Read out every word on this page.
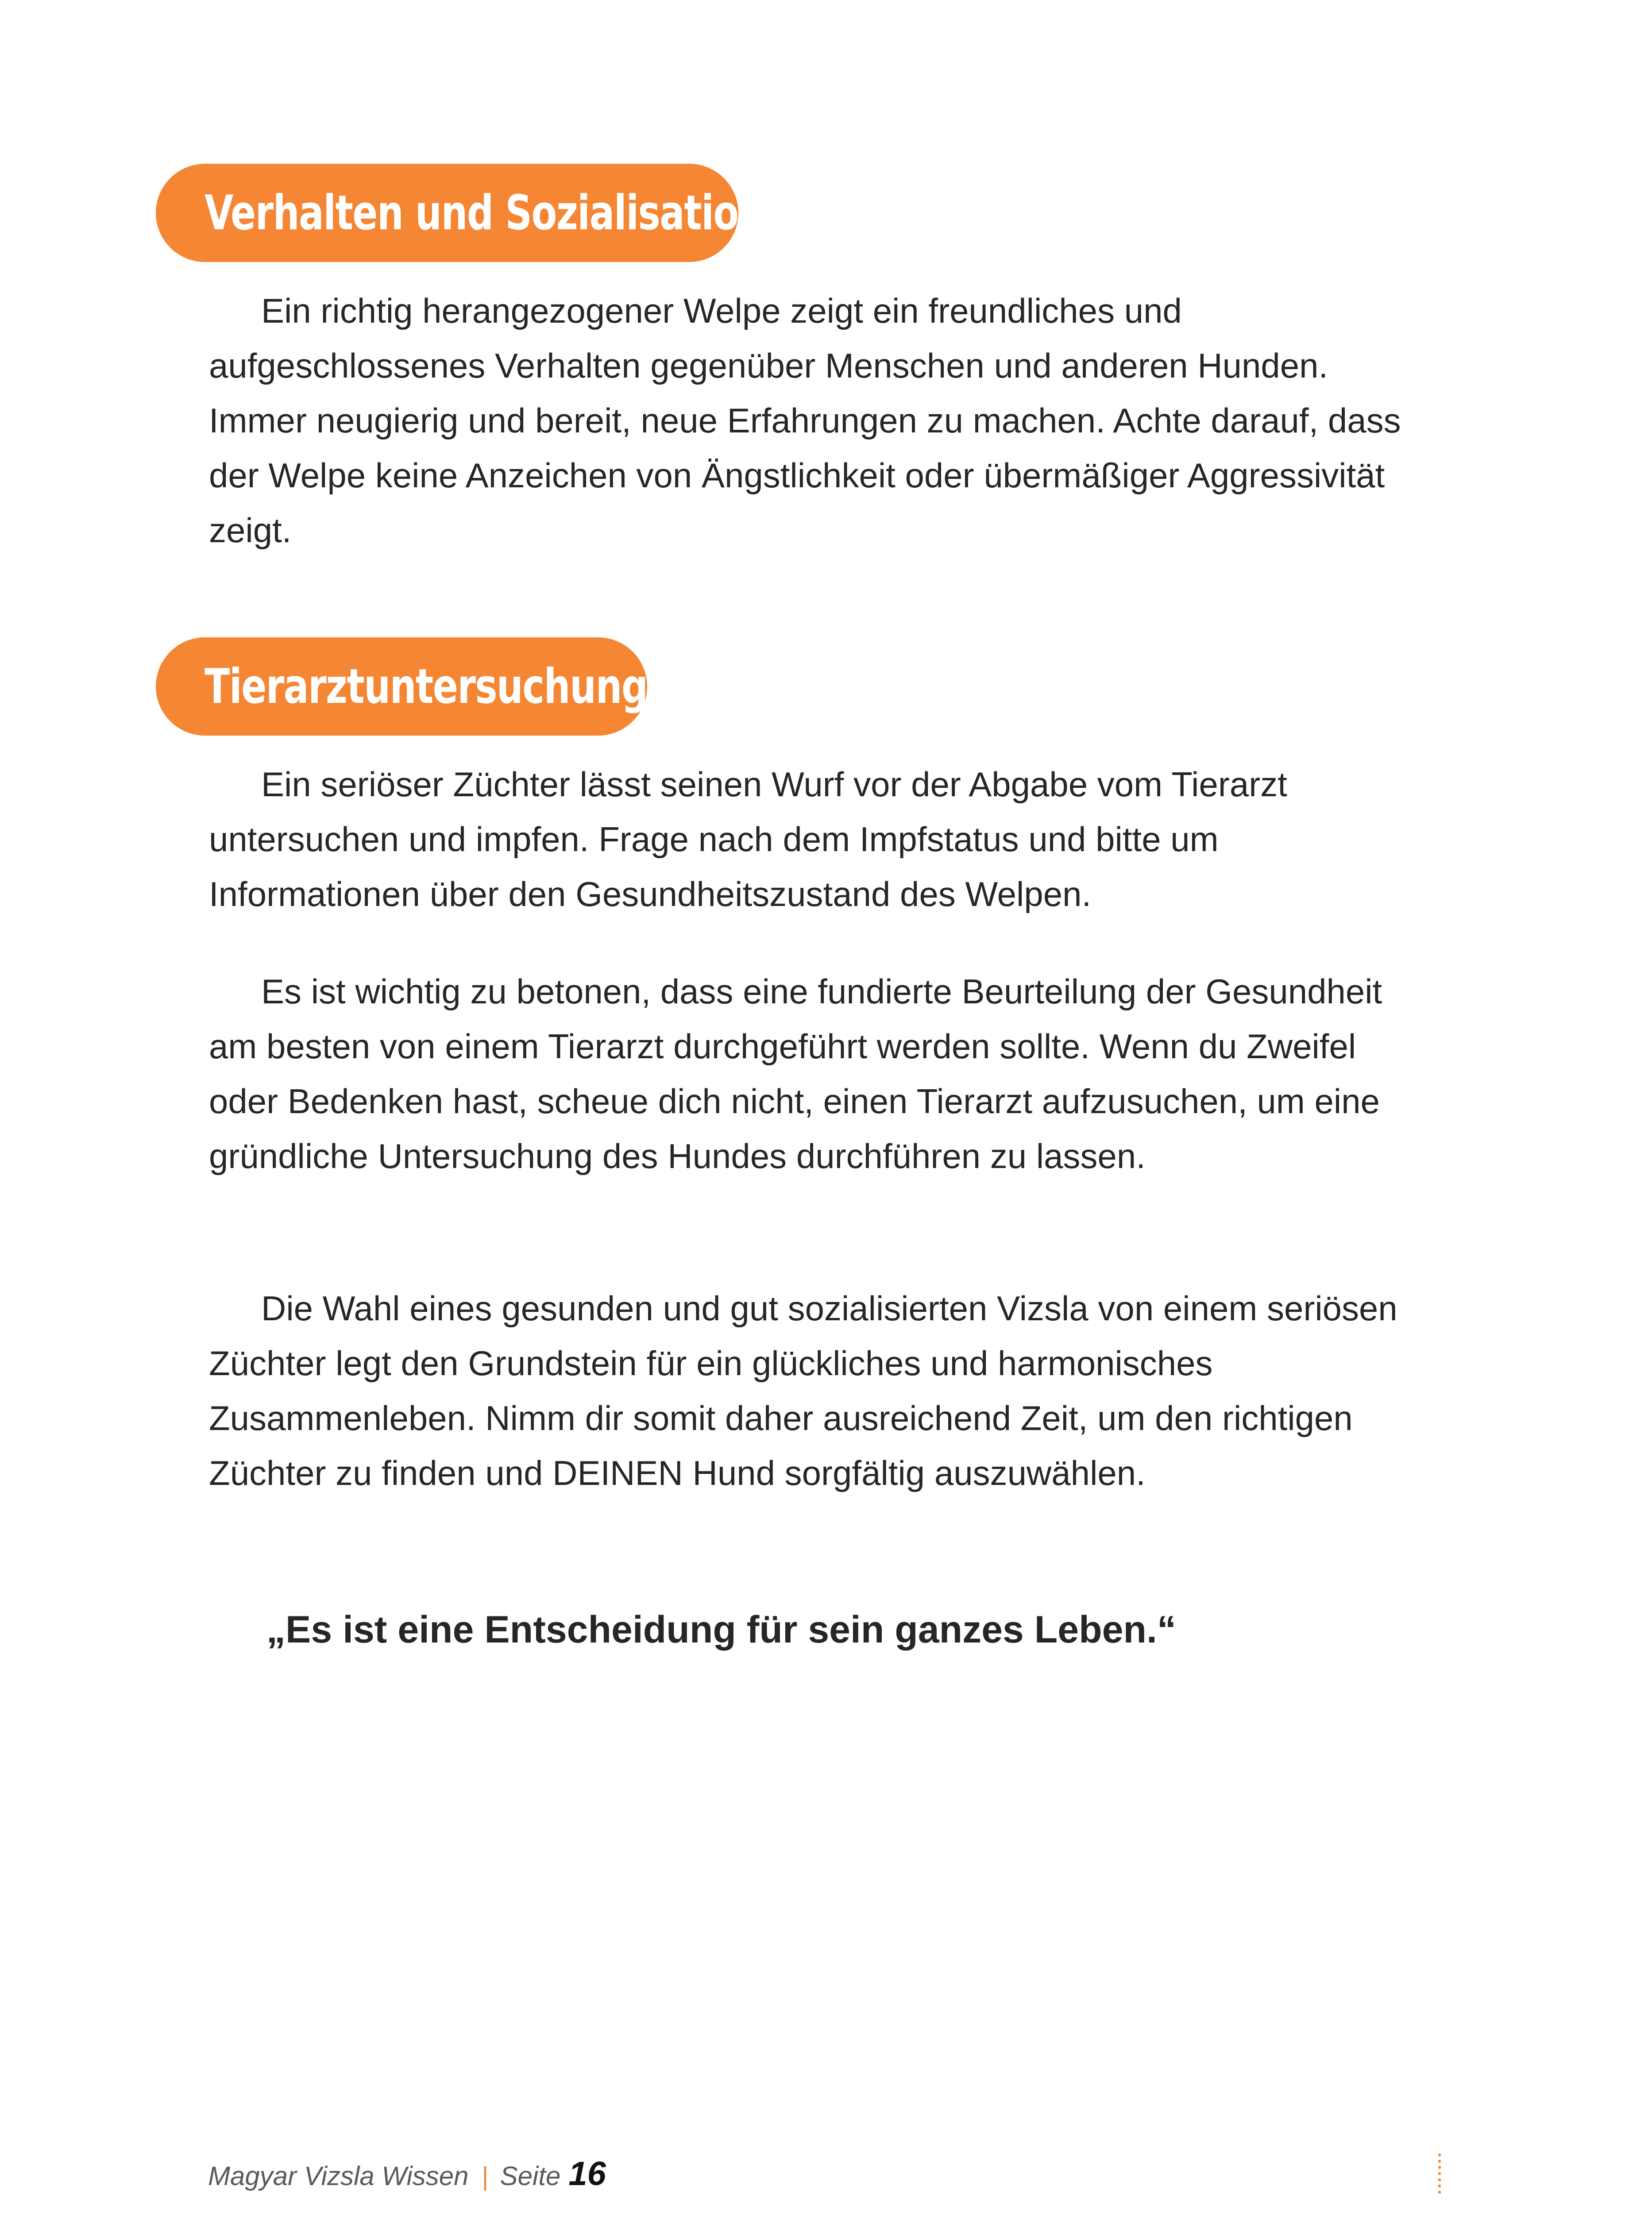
Verhalten und Sozialisation

Ein richtig herangezogener Welpe zeigt ein freundliches und aufgeschlossenes Verhalten gegenüber Menschen und anderen Hunden. Immer neugierig und bereit, neue Erfahrungen zu machen. Achte darauf, dass der Welpe keine Anzeichen von Ängstlichkeit oder übermäßiger Aggressivität zeigt.

Tierarztuntersuchung

Ein seriöser Züchter lässt seinen Wurf vor der Abgabe vom Tierarzt untersuchen und impfen. Frage nach dem Impfstatus und bitte um Informationen über den Gesundheitszustand des Welpen.

Es ist wichtig zu betonen, dass eine fundierte Beurteilung der Gesundheit am besten von einem Tierarzt durchgeführt werden sollte. Wenn du Zweifel oder Bedenken hast, scheue dich nicht, einen Tierarzt aufzusuchen, um eine gründliche Untersuchung des Hundes durchführen zu lassen.

Die Wahl eines gesunden und gut sozialisierten Vizsla von einem seriösen Züchter legt den Grundstein für ein glückliches und harmonisches Zusammenleben. Nimm dir somit daher ausreichend Zeit, um den richtigen Züchter zu finden und DEINEN Hund sorgfältig auszuwählen.

„Es ist eine Entscheidung für sein ganzes Leben.“

Magyar Vizsla Wissen | Seite 16
